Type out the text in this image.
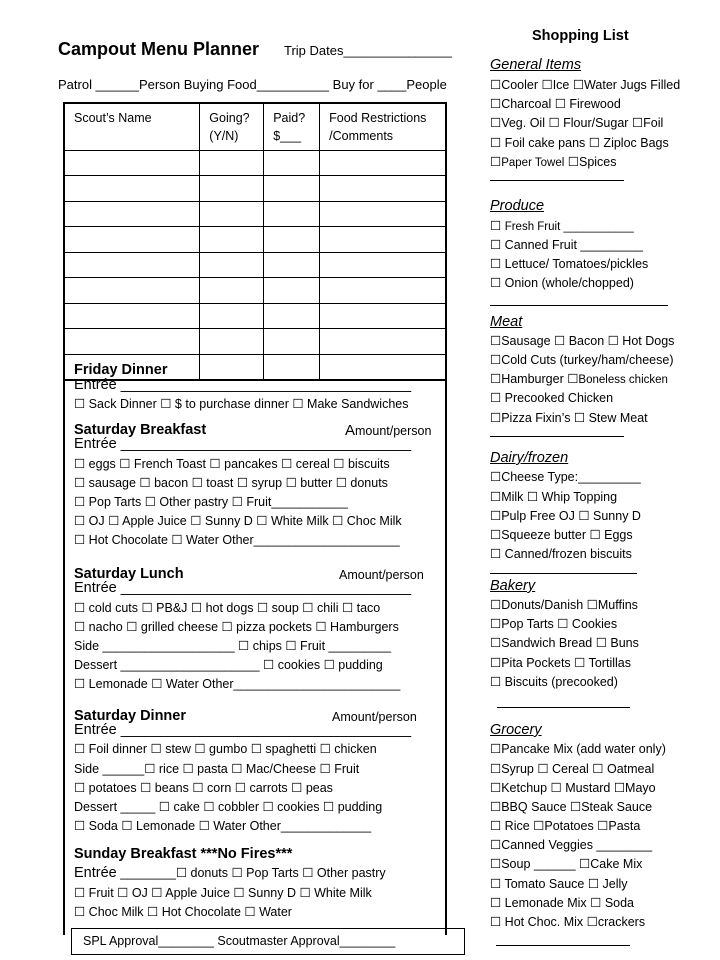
Campout Menu Planner Trip Dates_______________
Patrol ______Person Buying Food__________ Buy for ____People
Scout’s Name	Going? (Y/N)	Paid? $___	Food Restrictions /Comments

Friday Dinner
Entrée ____________________________________
☐ Sack Dinner ☐ $ to purchase dinner ☐ Make Sandwiches
Saturday Breakfast	Amount/person
Entrée ____________________________________
☐ eggs ☐ French Toast ☐ pancakes ☐ cereal ☐ biscuits
☐ sausage ☐ bacon ☐ toast ☐ syrup ☐ butter ☐ donuts
☐ Pop Tarts ☐ Other pastry ☐ Fruit___________
☐ OJ ☐ Apple Juice ☐ Sunny D ☐ White Milk ☐ Choc Milk
☐ Hot Chocolate ☐ Water Other_____________________
Saturday Lunch	Amount/person
Entrée ____________________________________
☐ cold cuts ☐ PB&J ☐ hot dogs ☐ soup ☐ chili ☐ taco
☐ nacho ☐ grilled cheese ☐ pizza pockets ☐ Hamburgers
Side ___________________ ☐ chips ☐ Fruit _________
Dessert ____________________ ☐ cookies ☐ pudding
☐ Lemonade ☐ Water Other________________________
Saturday Dinner	Amount/person
Entrée ____________________________________
☐ Foil dinner ☐ stew ☐ gumbo ☐ spaghetti ☐ chicken
Side ______☐ rice ☐ pasta ☐ Mac/Cheese ☐ Fruit
☐ potatoes ☐ beans ☐ corn ☐ carrots ☐ peas
Dessert _____ ☐ cake ☐ cobbler ☐ cookies ☐ pudding
☐ Soda ☐ Lemonade ☐ Water Other_____________
Sunday Breakfast ***No Fires***
Entrée ________☐ donuts ☐ Pop Tarts ☐ Other pastry
☐ Fruit ☐ OJ ☐ Apple Juice ☐ Sunny D ☐ White Milk
☐ Choc Milk ☐ Hot Chocolate ☐ Water
SPL Approval________ Scoutmaster Approval________
Shopping List
General Items
☐Cooler ☐Ice ☐Water Jugs Filled
☐Charcoal ☐ Firewood
☐Veg. Oil ☐ Flour/Sugar ☐Foil
☐ Foil cake pans ☐ Ziploc Bags
☐Paper Towel ☐Spices
Produce
☐ Fresh Fruit ___________
☐ Canned Fruit _________
☐ Lettuce/ Tomatoes/pickles
☐ Onion (whole/chopped)
Meat
☐Sausage ☐ Bacon ☐ Hot Dogs
☐Cold Cuts (turkey/ham/cheese)
☐Hamburger ☐Boneless chicken
☐ Precooked Chicken
☐Pizza Fixin’s ☐ Stew Meat
Dairy/frozen
☐Cheese Type:_________
☐Milk ☐ Whip Topping
☐Pulp Free OJ ☐ Sunny D
☐Squeeze butter ☐ Eggs
☐ Canned/frozen biscuits
Bakery
☐Donuts/Danish ☐Muffins
☐Pop Tarts ☐ Cookies
☐Sandwich Bread ☐ Buns
☐Pita Pockets ☐ Tortillas
☐ Biscuits (precooked)
Grocery
☐Pancake Mix (add water only)
☐Syrup ☐ Cereal ☐ Oatmeal
☐Ketchup ☐ Mustard ☐Mayo
☐BBQ Sauce ☐Steak Sauce
☐ Rice ☐Potatoes ☐Pasta
☐Canned Veggies ________
☐Soup ______ ☐Cake Mix
☐ Tomato Sauce ☐ Jelly
☐ Lemonade Mix ☐ Soda
☐ Hot Choc. Mix ☐crackers
